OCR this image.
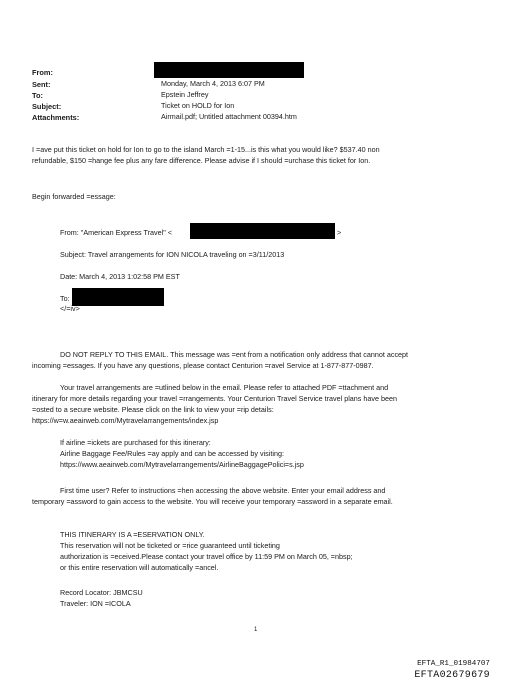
From:
Sent:
To:
Subject:
Attachments:
Monday, March 4, 2013 6:07 PM
Epstein Jeffrey
Ticket on HOLD for Ion
Airmail.pdf; Untitled attachment 00394.htm
I =ave put this ticket on hold for Ion to go to the island March =1-15...is this what you would like? $537.40 non
refundable, $150 =hange fee plus any fare difference. Please advise if I should =urchase this ticket for Ion.
Begin forwarded =essage:
From: "American Express Travel" <	>
Subject: Travel arrangements for ION NICOLA traveling on =3/11/2013
Date: March 4, 2013 1:02:58 PM EST
To:
</=iv>
DO NOT REPLY TO THIS EMAIL. This message was =ent from a notification only address that cannot accept
incoming =essages. If you have any questions, please contact Centurion =ravel Service at 1-877-877-0987.
Your travel arrangements are =utlined below in the email. Please refer to attached PDF =ttachment and
itinerary for more details regarding your travel =rrangements. Your Centurion Travel Service travel plans have been
=osted to a secure website. Please click on the link to view your =rip details:
https://w=w.aeairweb.com/Mytravelarrangements/index.jsp
If airline =ickets are purchased for this itinerary:
Airline Baggage Fee/Rules =ay apply and can be accessed by visiting:
https://www.aeairweb.com/Mytravelarrangements/AirlineBaggagePolici=s.jsp
First time user? Refer to instructions =hen accessing the above website. Enter your email address and
temporary =assword to gain access to the website. You will receive your temporary =assword in a separate email.
THIS ITINERARY IS A =ESERVATION ONLY.
This reservation will not be ticketed or =rice guaranteed until ticketing
authorization is =eceived.Please contact your travel office by 11:59 PM on March 05, =nbsp;
or this entire reservation will automatically =ancel.
Record Locator: JBMCSU
Traveler: ION =ICOLA
1
EFTA_R1_01984707
EFTA02679679
